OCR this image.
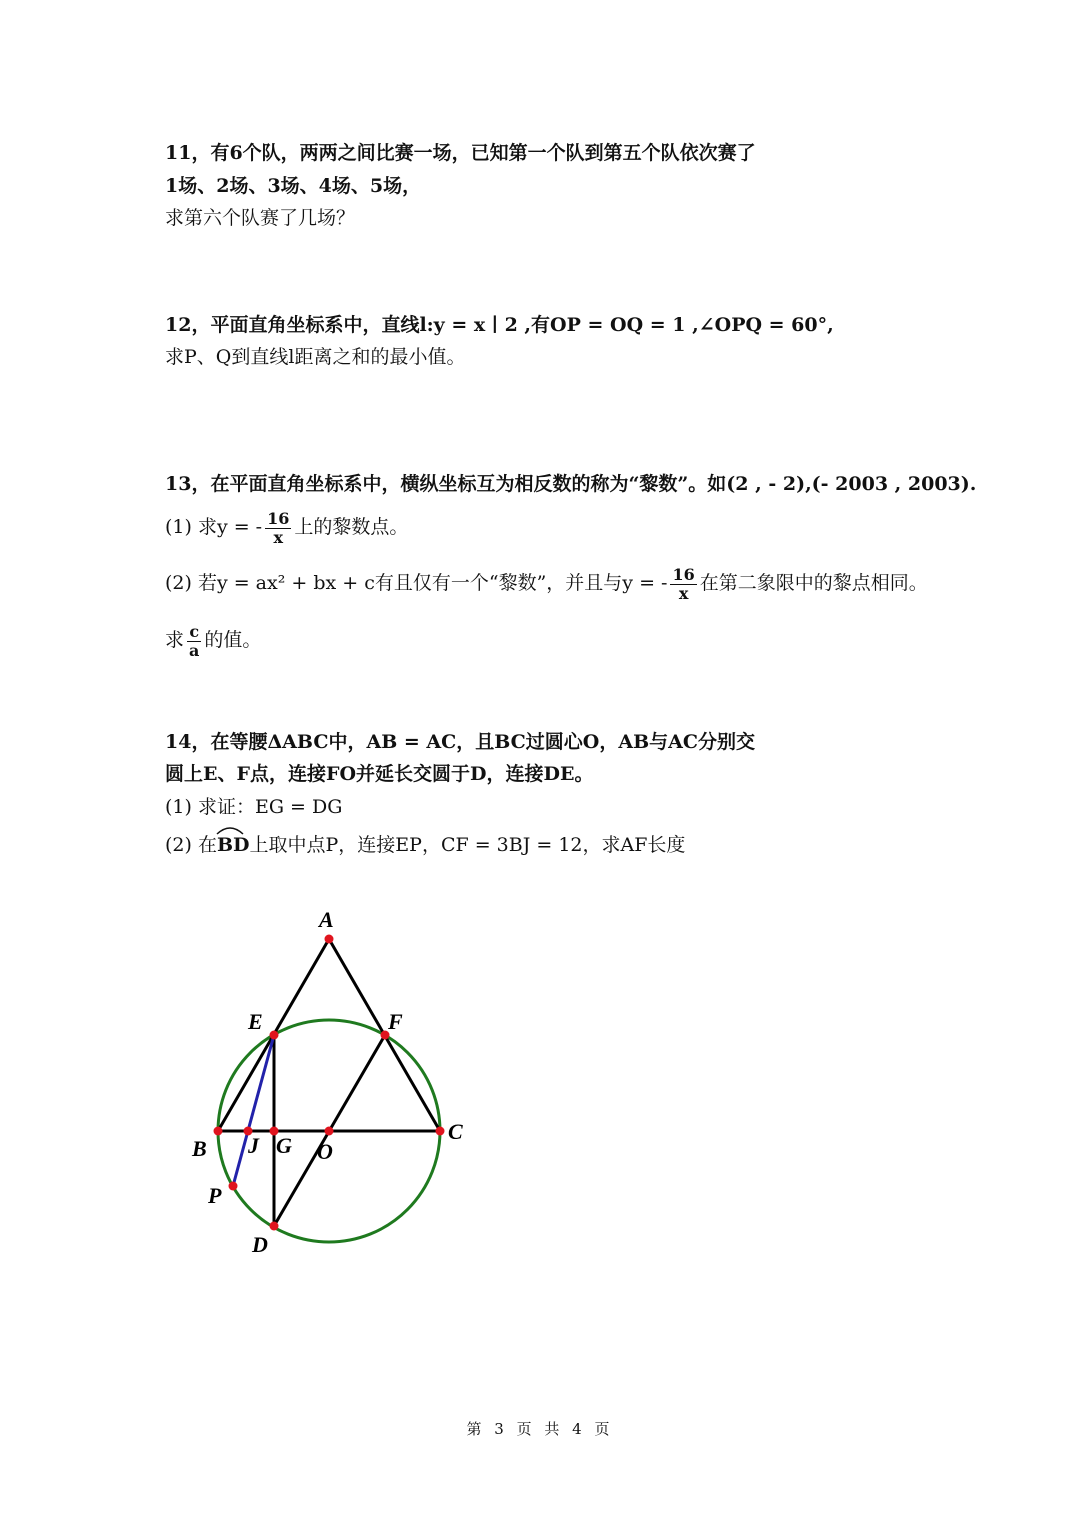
11，有6个队，两两之间比赛一场，已知第一个队到第五个队依次赛了
1场、2场、3场、4场、5场，
求第六个队赛了几场？
12，平面直角坐标系中，直线l:y = x ∣ 2 ,有OP = OQ = 1 ,∠OPQ = 60°,
求P、Q到直线l距离之和的最小值。
13，在平面直角坐标系中，横纵坐标互为相反数的称为“黎数”。如(2 , - 2),(- 2003 , 2003).
(1) 求y = - $\frac{16}{x}$ 上的黎数点。
(2) 若y = ax² + bx + c有且仅有一个“黎数”，并且与y = - $\frac{16}{x}$ 在第二象限中的黎点相同。
求 $\frac{c}{a}$ 的值。
14，在等腰ΔABC中，AB = AC，且BC过圆心O，AB与AC分别交
圆上E、F点，连接FO并延长交圆于D，连接DE。
(1) 求证：EG = DG
(2) 在
BD上取中点P，连接EP，CF = 3BJ = 12，求AF长度
A
E	F
B J G O
C
P
D
第 3 页 共 4 页
